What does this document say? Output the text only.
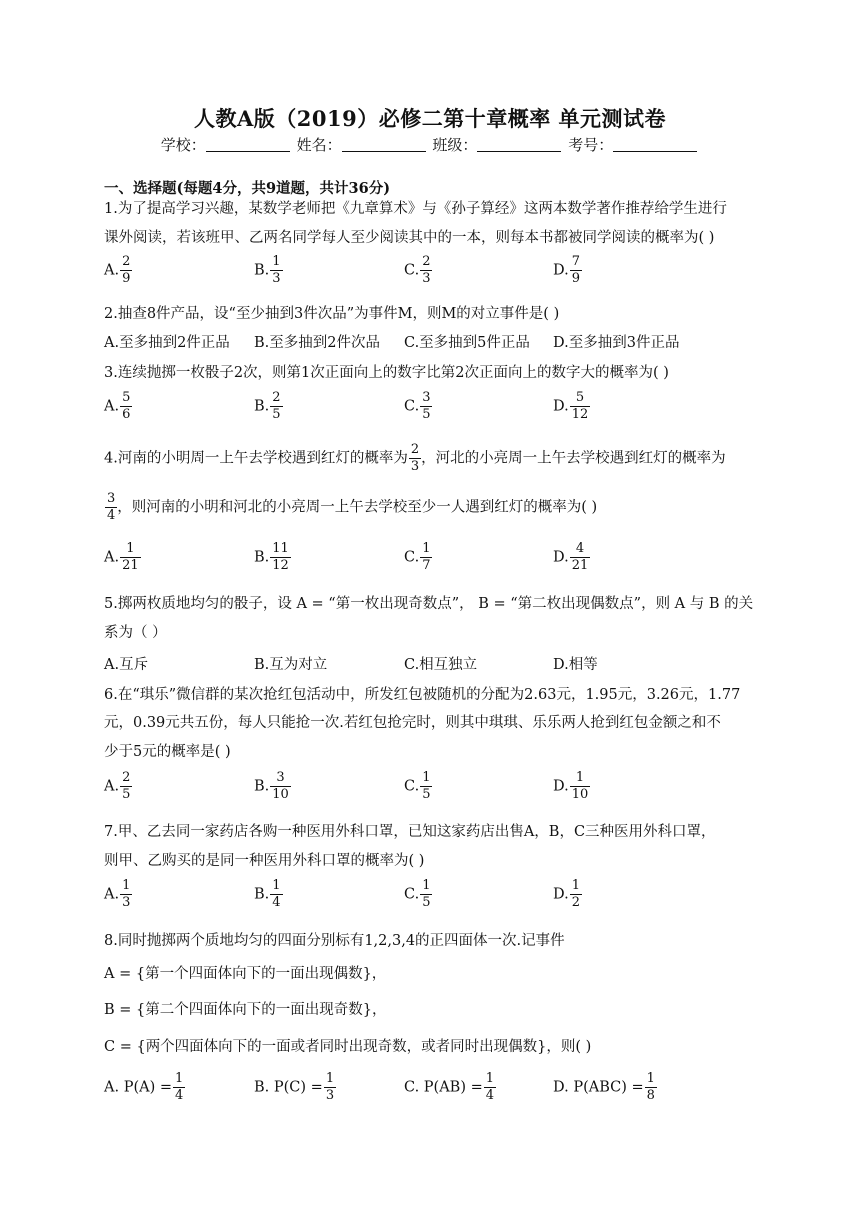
人教A版（2019）必修二第十章概率 单元测试卷
学校：	姓名：	班级：	考号：
一、选择题(每题4分，共9道题，共计36分)
1.为了提高学习兴趣，某数学老师把《九章算术》与《孙子算经》这两本数学著作推荐给学生进行
课外阅读，若该班甲、乙两名同学每人至少阅读其中的一本，则每本书都被同学阅读的概率为( )
A. $\frac{2}{9}$	B. $\frac{1}{3}$	C. $\frac{2}{3}$	D. $\frac{7}{9}$
2.抽查8件产品，设“至少抽到3件次品”为事件M，则M的对立事件是( )
A.至多抽到2件正品 B.至多抽到2件次品 C.至多抽到5件正品 D.至多抽到3件正品
3.连续抛掷一枚骰子2次，则第1次正面向上的数字比第2次正面向上的数字大的概率为( )
A. $\frac{5}{6}$	B. $\frac{2}{5}$	C. $\frac{3}{5}$	D. $\frac{5}{12}$
4.河南的小明周一上午去学校遇到红灯的概率为 $\frac{2}{3}$ ，河北的小亮周一上午去学校遇到红灯的概率为
$\frac{3}{4}$ ，则河南的小明和河北的小亮周一上午去学校至少一人遇到红灯的概率为( )
A. $\frac{1}{21}$	B. $\frac{11}{12}$	C. $\frac{1}{7}$	D. $\frac{4}{21}$
5.掷两枚质地均匀的骰子，设 A = “第一枚出现奇数点”， B = “第二枚出现偶数点”，则 A 与 B 的关
系为（ ）
A.互斥	B.互为对立	C.相互独立	D.相等
6.在“琪乐”微信群的某次抢红包活动中，所发红包被随机的分配为2.63元，1.95元，3.26元，1.77
元，0.39元共五份，每人只能抢一次.若红包抢完时，则其中琪琪、乐乐两人抢到红包金额之和不
少于5元的概率是( )
A. $\frac{2}{5}$	B. $\frac{3}{10}$	C. $\frac{1}{5}$	D. $\frac{1}{10}$
7.甲、乙去同一家药店各购一种医用外科口罩，已知这家药店出售A，B，C三种医用外科口罩，
则甲、乙购买的是同一种医用外科口罩的概率为( )
A. $\frac{1}{3}$	B. $\frac{1}{4}$	C. $\frac{1}{5}$	D. $\frac{1}{2}$
8.同时抛掷两个质地均匀的四面分别标有1,2,3,4的正四面体一次.记事件
A = {第一个四面体向下的一面出现偶数}，
B = {第二个四面体向下的一面出现奇数}，
C = {两个四面体向下的一面或者同时出现奇数，或者同时出现偶数}，则( )
A. $P(A) = \frac{1}{4}$	B. $P(C) = \frac{1}{3}$	C. $P(AB) = \frac{1}{4}$	D. $P(ABC) = \frac{1}{8}$
